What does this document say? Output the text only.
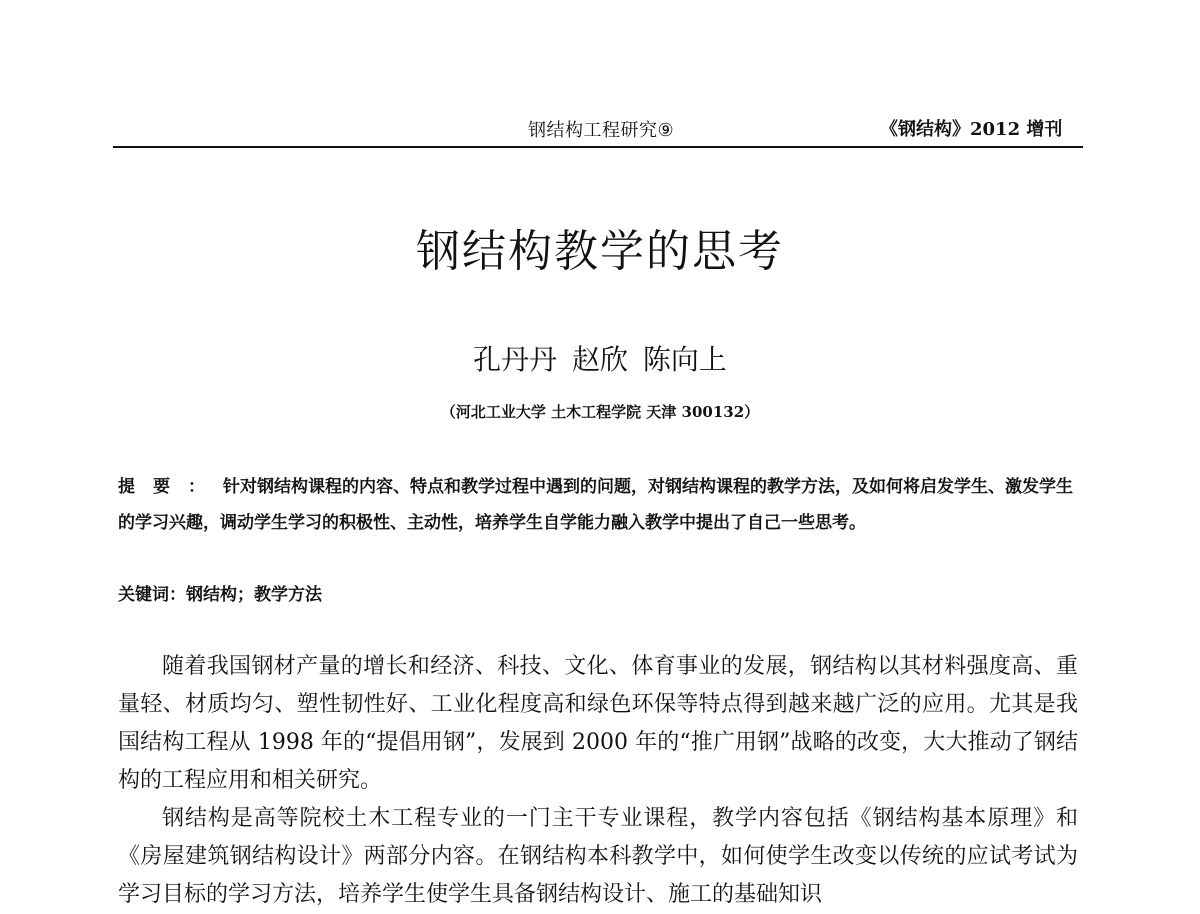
钢结构工程研究⑨	《钢结构》2012 增刊
钢结构教学的思考
孔丹丹 赵欣 陈向上
（河北工业大学 土木工程学院 天津 300132）
提要：针对钢结构课程的内容、特点和教学过程中遇到的问题，对钢结构课程的教学方法，及如何将启发学生、激发学生的学习兴趣，调动学生学习的积极性、主动性，培养学生自学能力融入教学中提出了自己一些思考。
关键词：钢结构；教学方法

随着我国钢材产量的增长和经济、科技、文化、体育事业的发展，钢结构以其材料强度高、重量轻、材质均匀、塑性韧性好、工业化程度高和绿色环保等特点得到越来越广泛的应用。尤其是我国结构工程从 1998 年的“提倡用钢”，发展到 2000 年的“推广用钢”战略的改变，大大推动了钢结构的工程应用和相关研究。

钢结构是高等院校土木工程专业的一门主干专业课程，教学内容包括《钢结构基本原理》和《房屋建筑钢结构设计》两部分内容。在钢结构本科教学中，如何使学生改变以传统的应试考试为学习目标的学习方法，培养学生使学生具备钢结构设计、施工的基础知识
